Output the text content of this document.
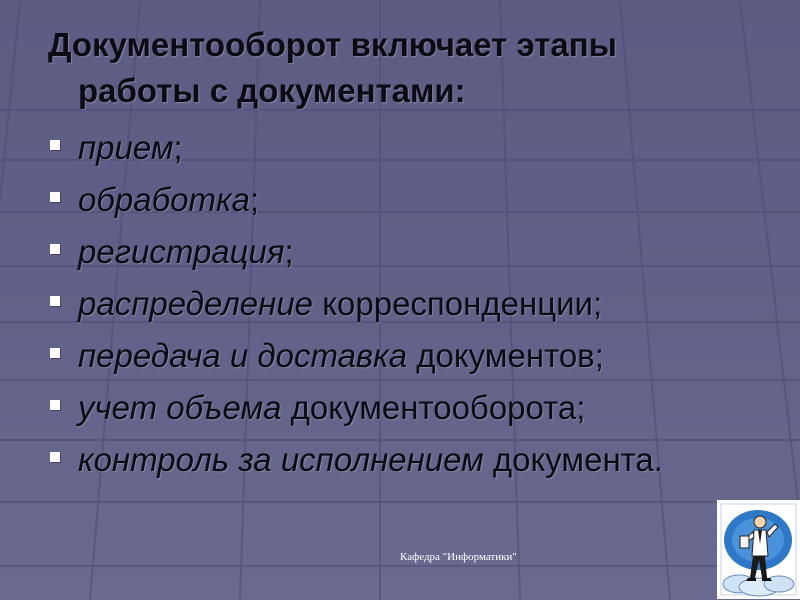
Документооборот включает этапы
работы с документами:
прием;
обработка;
регистрация;
распределение корреспонденции;
передача и доставка документов;
учет объема документооборота;
контроль за исполнением документа.
Кафедра "Информатики"
